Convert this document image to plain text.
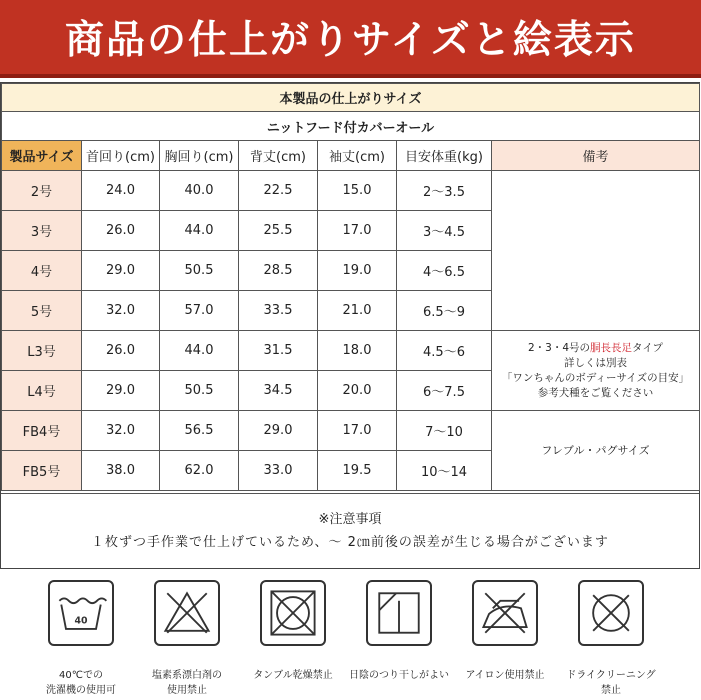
商品の仕上がりサイズと絵表示
本製品の仕上がりサイズ						
ニットフード付カバーオール						
製品サイズ	首回り(cm)	胸回り(cm)	背丈(cm)	袖丈(cm)	目安体重(kg)	備考
2号	24.0	40.0	22.5	15.0	2～3.5	
3号	26.0	44.0	25.5	17.0	3～4.5	
4号	29.0	50.5	28.5	19.0	4～6.5	
5号	32.0	57.0	33.5	21.0	6.5～9	
L3号	26.0	44.0	31.5	18.0	4.5～6	2・3・4号の胴長長足タイプ
詳しくは別表
「ワンちゃんのボディーサイズの目安」
参考犬種をご覧ください

L4号	29.0	50.5	34.5	20.0	6～7.5	
FB4号	32.0	56.5	29.0	17.0	7～10	フレブル・パグサイズ
FB5号	38.0	62.0	33.0	19.5	10～14	
※注意事項
１枚ずつ手作業で仕上げているため、～ 2㎝前後の誤差が生じる場合がございます
40
40℃での
洗濯機の使用可
塩素系漂白剤の
使用禁止
タンブル乾燥禁止	日陰のつり干しがよい	アイロン使用禁止	ドライクリーニング
禁止
